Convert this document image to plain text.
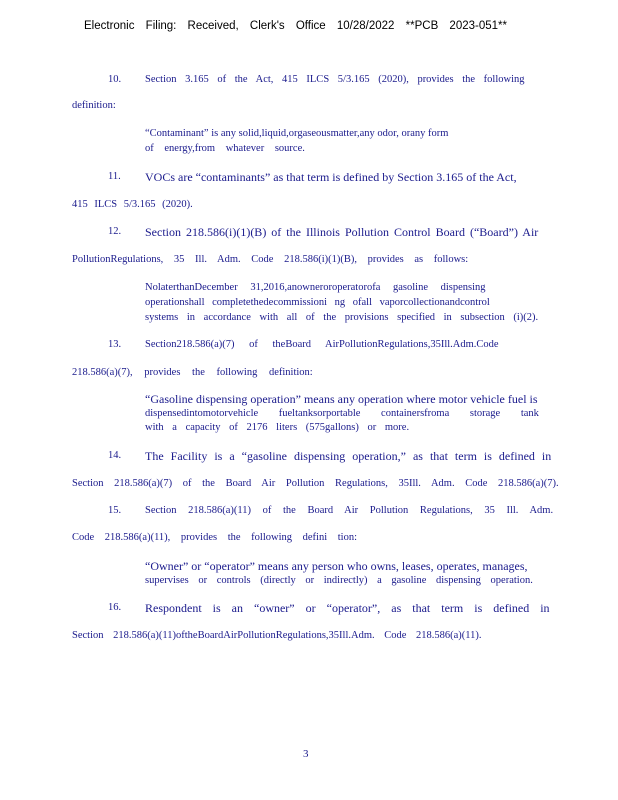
Electronic Filing: Received, Clerk's Office 10/28/2022 **PCB 2023-051**
10. Section 3.165 of the Act, 415 ILCS 5/3.165 (2020), provides the following
definition:
“Contaminant” is any solid,liquid,orgaseousmatter,any odor, orany form
of energy,from whatever source.
11. VOCs are “contaminants” as that term is defined by Section 3.165 of the Act,
415 ILCS 5/3.165 (2020).
12. Section 218.586(i)(1)(B) of the Illinois Pollution Control Board (“Board”) Air
PollutionRegulations, 35 Ill. Adm. Code 218.586(i)(1)(B), provides as follows:
NolaterthanDecember 31,2016,anowneroroperatorofa gasoline dispensing
operationshall completethedecommissioni ng ofall vaporcollectionandcontrol
systems in accordance with all of the provisions specified in subsection (i)(2).
13. Section218.586(a)(7) of theBoard AirPollutionRegulations,35Ill.Adm.Code
218.586(a)(7), provides the following definition:
“Gasoline dispensing operation” means any operation where motor vehicle fuel is
dispensedintomotorvehicle fueltanksorportable containersfroma storage tank
with a capacity of 2176 liters (575gallons) or more.
14. The Facility is a “gasoline dispensing operation,” as that term is defined in
Section 218.586(a)(7) of the Board Air Pollution Regulations, 35Ill. Adm. Code 218.586(a)(7).
15. Section 218.586(a)(11) of the Board Air Pollution Regulations, 35 Ill. Adm.
Code 218.586(a)(11), provides the following defini tion:
“Owner” or “operator” means any person who owns, leases, operates, manages,
supervises or controls (directly or indirectly) a gasoline dispensing operation.
16. Respondent is an “owner” or “operator”, as that term is defined in
Section 218.586(a)(11)oftheBoardAirPollutionRegulations,35Ill.Adm. Code 218.586(a)(11).
3
